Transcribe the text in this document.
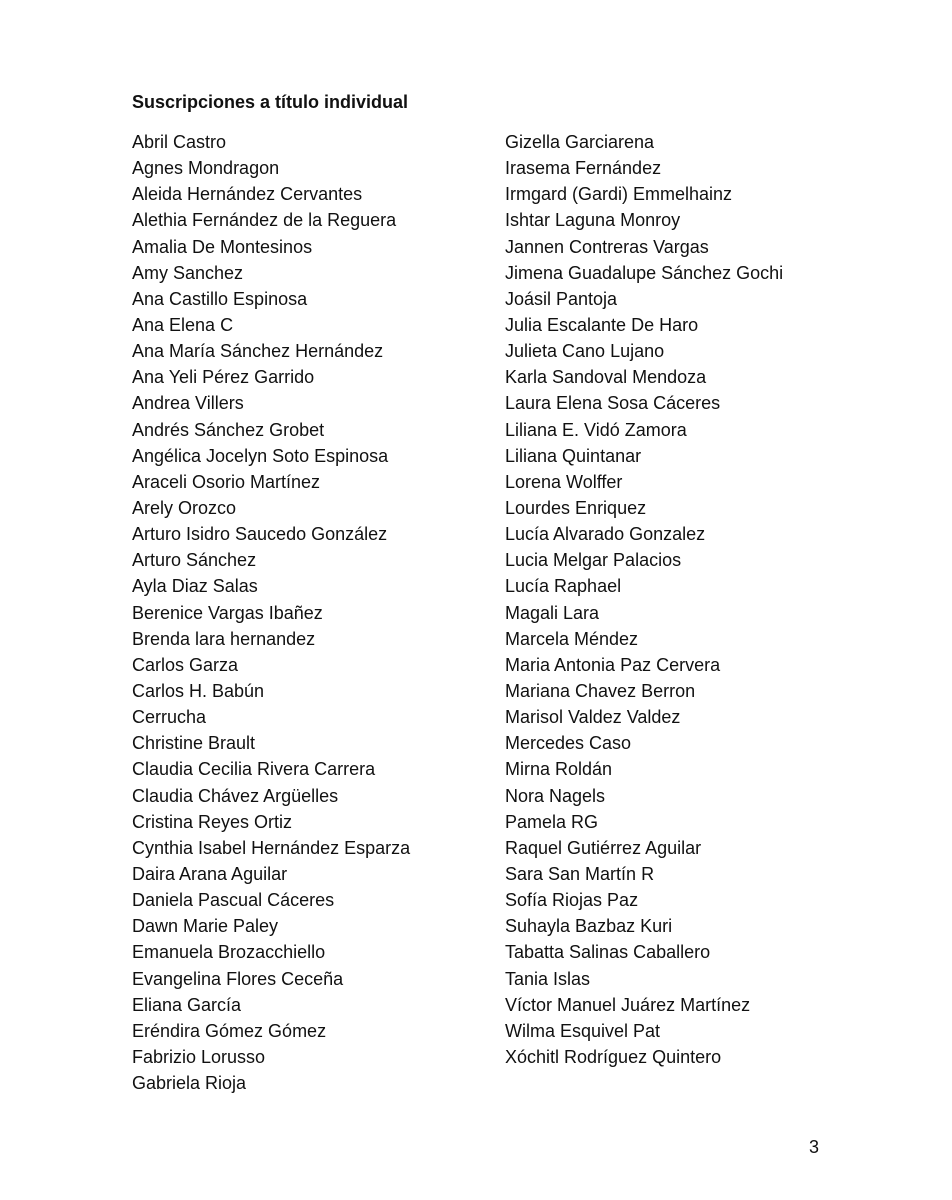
Suscripciones a título individual
Abril Castro
Agnes Mondragon
Aleida Hernández Cervantes
Alethia Fernández de la Reguera
Amalia De Montesinos
Amy Sanchez
Ana Castillo Espinosa
Ana Elena C
Ana María Sánchez Hernández
Ana Yeli Pérez Garrido
Andrea Villers
Andrés Sánchez Grobet
Angélica Jocelyn Soto Espinosa
Araceli Osorio Martínez
Arely Orozco
Arturo Isidro Saucedo González
Arturo Sánchez
Ayla Diaz Salas
Berenice Vargas Ibañez
Brenda lara hernandez
Carlos Garza
Carlos H. Babún
Cerrucha
Christine Brault
Claudia Cecilia Rivera Carrera
Claudia Chávez Argüelles
Cristina Reyes Ortiz
Cynthia Isabel Hernández Esparza
Daira Arana Aguilar
Daniela Pascual Cáceres
Dawn Marie Paley
Emanuela Brozacchiello
Evangelina Flores Ceceña
Eliana García
Eréndira Gómez Gómez
Fabrizio Lorusso
Gabriela Rioja
Gizella Garciarena
Irasema Fernández
Irmgard (Gardi) Emmelhainz
Ishtar Laguna Monroy
Jannen Contreras Vargas
Jimena Guadalupe Sánchez Gochi
Joásil Pantoja
Julia Escalante De Haro
Julieta Cano Lujano
Karla Sandoval Mendoza
Laura Elena Sosa Cáceres
Liliana E. Vidó Zamora
Liliana Quintanar
Lorena Wolffer
Lourdes Enriquez
Lucía Alvarado Gonzalez
Lucia Melgar Palacios
Lucía Raphael
Magali Lara
Marcela Méndez
Maria Antonia Paz Cervera
Mariana Chavez Berron
Marisol Valdez Valdez
Mercedes Caso
Mirna Roldán
Nora Nagels
Pamela RG
Raquel Gutiérrez Aguilar
Sara San Martín R
Sofía Riojas Paz
Suhayla Bazbaz Kuri
Tabatta Salinas Caballero
Tania Islas
Víctor Manuel Juárez Martínez
Wilma Esquivel Pat
Xóchitl Rodríguez Quintero
3
